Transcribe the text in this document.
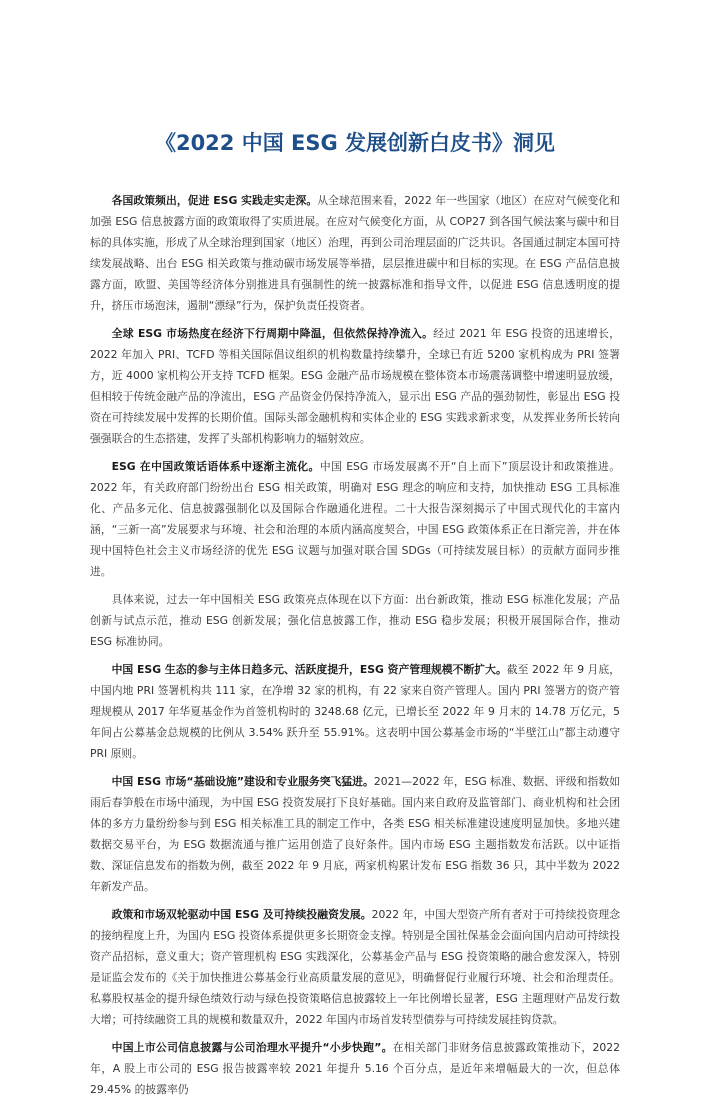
《2022 中国 ESG 发展创新白皮书》洞见

各国政策频出，促进 ESG 实践走实走深。从全球范围来看，2022 年一些国家（地区）在应对气候变化和加强 ESG 信息披露方面的政策取得了实质进展。在应对气候变化方面，从 COP27 到各国气候法案与碳中和目标的具体实施，形成了从全球治理到国家（地区）治理，再到公司治理层面的广泛共识。各国通过制定本国可持续发展战略、出台 ESG 相关政策与推动碳市场发展等举措，层层推进碳中和目标的实现。在 ESG 产品信息披露方面，欧盟、美国等经济体分别推进具有强制性的统一披露标准和指导文件，以促进 ESG 信息透明度的提升，挤压市场泡沫，遏制“漂绿”行为，保护负责任投资者。

全球 ESG 市场热度在经济下行周期中降温，但依然保持净流入。经过 2021 年 ESG 投资的迅速增长，2022 年加入 PRI、TCFD 等相关国际倡议组织的机构数量持续攀升，全球已有近 5200 家机构成为 PRI 签署方，近 4000 家机构公开支持 TCFD 框架。ESG 金融产品市场规模在整体资本市场震荡调整中增速明显放缓，但相较于传统金融产品的净流出，ESG 产品资金仍保持净流入，显示出 ESG 产品的强劲韧性，彰显出 ESG 投资在可持续发展中发挥的长期价值。国际头部金融机构和实体企业的 ESG 实践求新求变，从发挥业务所长转向强强联合的生态搭建，发挥了头部机构影响力的辐射效应。

ESG 在中国政策话语体系中逐渐主流化。中国 ESG 市场发展离不开“自上而下”顶层设计和政策推进。2022 年，有关政府部门纷纷出台 ESG 相关政策，明确对 ESG 理念的响应和支持，加快推动 ESG 工具标准化、产品多元化、信息披露强制化以及国际合作融通化进程。二十大报告深刻揭示了中国式现代化的丰富内涵，“三新一高”发展要求与环境、社会和治理的本质内涵高度契合，中国 ESG 政策体系正在日渐完善，并在体现中国特色社会主义市场经济的优先 ESG 议题与加强对联合国 SDGs（可持续发展目标）的贡献方面同步推进。

具体来说，过去一年中国相关 ESG 政策亮点体现在以下方面：出台新政策，推动 ESG 标准化发展；产品创新与试点示范，推动 ESG 创新发展；强化信息披露工作，推动 ESG 稳步发展；积极开展国际合作，推动 ESG 标准协同。

中国 ESG 生态的参与主体日趋多元、活跃度提升，ESG 资产管理规模不断扩大。截至 2022 年 9 月底，中国内地 PRI 签署机构共 111 家，在净增 32 家的机构，有 22 家来自资产管理人。国内 PRI 签署方的资产管理规模从 2017 年华夏基金作为首签机构时的 3248.68 亿元，已增长至 2022 年 9 月末的 14.78 万亿元，5 年间占公募基金总规模的比例从 3.54% 跃升至 55.91%。这表明中国公募基金市场的“半壁江山”都主动遵守 PRI 原则。

中国 ESG 市场“基础设施”建设和专业服务突飞猛进。2021—2022 年，ESG 标准、数据、评级和指数如雨后春笋般在市场中涌现，为中国 ESG 投资发展打下良好基础。国内来自政府及监管部门、商业机构和社会团体的多方力量纷纷参与到 ESG 相关标准工具的制定工作中，各类 ESG 相关标准建设速度明显加快。多地兴建数据交易平台，为 ESG 数据流通与推广运用创造了良好条件。国内市场 ESG 主题指数发布活跃。以中证指数、深证信息发布的指数为例，截至 2022 年 9 月底，两家机构累计发布 ESG 指数 36 只，其中半数为 2022 年新发产品。

政策和市场双轮驱动中国 ESG 及可持续投融资发展。2022 年，中国大型资产所有者对于可持续投资理念的接纳程度上升，为国内 ESG 投资体系提供更多长期资金支撑。特别是全国社保基金会面向国内启动可持续投资产品招标，意义重大；资产管理机构 ESG 实践深化，公募基金产品与 ESG 投资策略的融合愈发深入，特别是证监会发布的《关于加快推进公募基金行业高质量发展的意见》，明确督促行业履行环境、社会和治理责任。私募股权基金的提升绿色绩效行动与绿色投资策略信息披露较上一年比例增长显著，ESG 主题理财产品发行数大增；可持续融资工具的规模和数量双升，2022 年国内市场首发转型债券与可持续发展挂钩贷款。

中国上市公司信息披露与公司治理水平提升“小步快跑”。在相关部门非财务信息披露政策推动下，2022 年，A 股上市公司的 ESG 报告披露率较 2021 年提升 5.16 个百分点，是近年来增幅最大的一次，但总体 29.45% 的披露率仍
